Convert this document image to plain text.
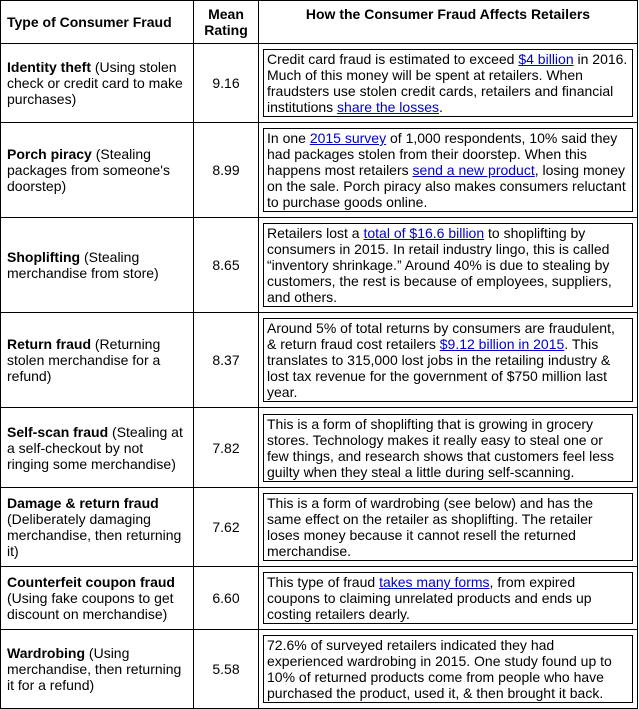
Type of Consumer Fraud	Mean Rating	How the Consumer Fraud Affects Retailers
Identity theft (Using stolen check or credit card to make purchases)	9.16	Credit card fraud is estimated to exceed $4 billion in 2016. Much of this money will be spent at retailers. When fraudsters use stolen credit cards, retailers and financial institutions share the losses.

Porch piracy (Stealing packages from someone's doorstep)	8.99	In one 2015 survey of 1,000 respondents, 10% said they had packages stolen from their doorstep. When this happens most retailers send a new product, losing money on the sale. Porch piracy also makes consumers reluctant to purchase goods online.

Shoplifting (Stealing merchandise from store)	8.65	Retailers lost a total of $16.6 billion to shoplifting by consumers in 2015. In retail industry lingo, this is called “inventory shrinkage.” Around 40% is due to stealing by customers, the rest is because of employees, suppliers, and others.

Return fraud (Returning stolen merchandise for a refund)	8.37	Around 5% of total returns by consumers are fraudulent, & return fraud cost retailers $9.12 billion in 2015. This translates to 315,000 lost jobs in the retailing industry & lost tax revenue for the government of $750 million last year.

Self-scan fraud (Stealing at a self-checkout by not ringing some merchandise)	7.82	This is a form of shoplifting that is growing in grocery stores. Technology makes it really easy to steal one or few things, and research shows that customers feel less guilty when they steal a little during self-scanning.

Damage & return fraud (Deliberately damaging merchandise, then returning it)	7.62	This is a form of wardrobing (see below) and has the same effect on the retailer as shoplifting. The retailer loses money because it cannot resell the returned merchandise.

Counterfeit coupon fraud (Using fake coupons to get discount on merchandise)	6.60	This type of fraud takes many forms, from expired coupons to claiming unrelated products and ends up costing retailers dearly.

Wardrobing (Using merchandise, then returning it for a refund)	5.58	72.6% of surveyed retailers indicated they had experienced wardrobing in 2015. One study found up to 10% of returned products come from people who have purchased the product, used it, & then brought it back.
